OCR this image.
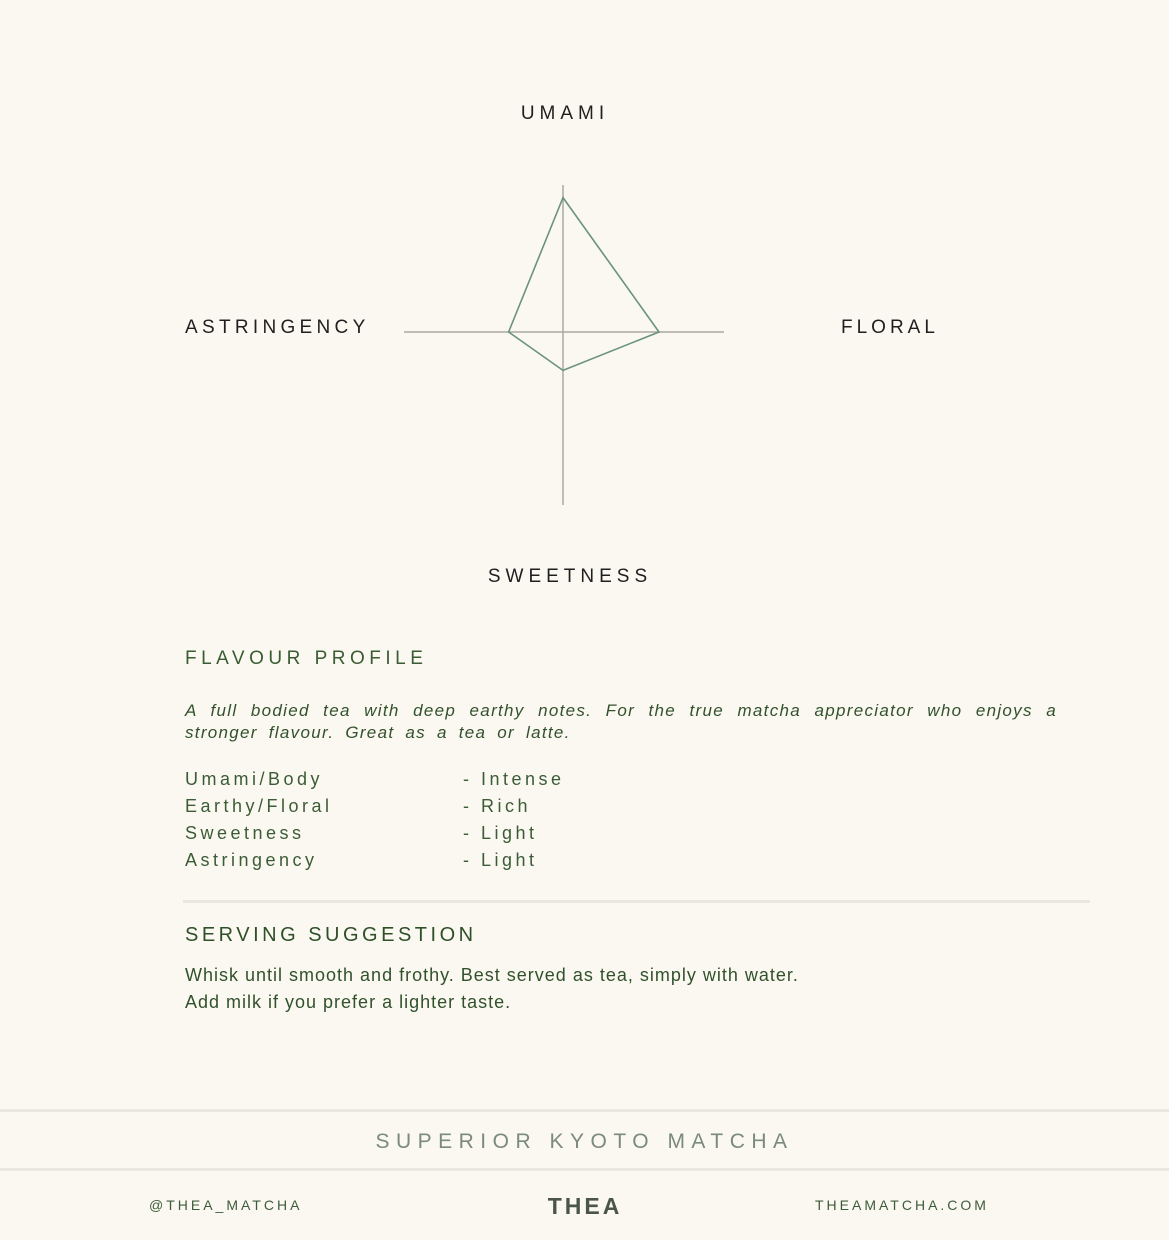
UMAMI
ASTRINGENCY	FLORAL
SWEETNESS
FLAVOUR PROFILE
A full bodied tea with deep earthy notes. For the true matcha appreciator who enjoys a stronger flavour. Great as a tea or latte.
Umami/Body	- Intense
Earthy/Floral	- Rich
Sweetness	- Light
Astringency	- Light
SERVING SUGGESTION
Whisk until smooth and frothy. Best served as tea, simply with water.
Add milk if you prefer a lighter taste.
SUPERIOR KYOTO MATCHA
@THEA_MATCHA	THEA	THEAMATCHA.COM
